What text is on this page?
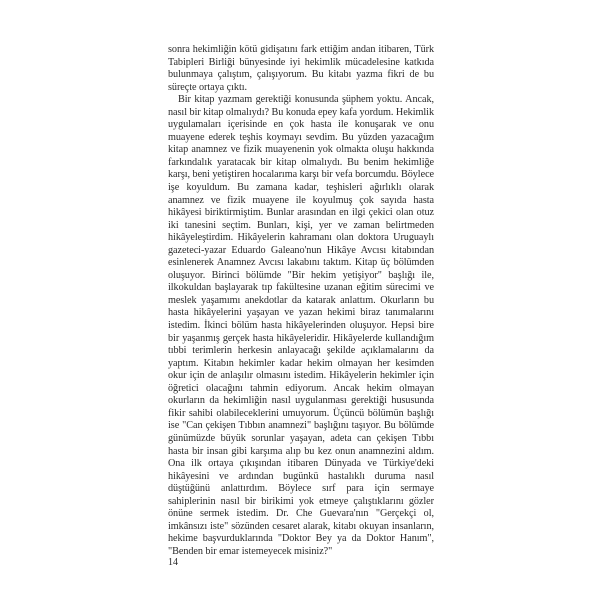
sonra hekimliğin kötü gidişatını fark ettiğim andan itibaren, Türk Tabipleri Birliği bünyesinde iyi hekimlik mücadelesine katkıda bulunmaya çalıştım, çalışıyorum. Bu kitabı yazma fikri de bu süreçte ortaya çıktı.

Bir kitap yazmam gerektiği konusunda şüphem yoktu. Ancak, nasıl bir kitap olmalıydı? Bu konuda epey kafa yordum. Hekimlik uygulamaları içerisinde en çok hasta ile konuşarak ve onu muayene ederek teşhis koymayı sevdim. Bu yüzden yazacağım kitap anamnez ve fizik muayenenin yok olmakta oluşu hakkında farkındalık yaratacak bir kitap olmalıydı. Bu benim hekimliğe karşı, beni yetiştiren hocalarıma karşı bir vefa borcumdu. Böylece işe koyuldum. Bu zamana kadar, teşhisleri ağırlıklı olarak anamnez ve fizik muayene ile koyulmuş çok sayıda hasta hikâyesi biriktirmiştim. Bunlar arasından en ilgi çekici olan otuz iki tanesini seçtim. Bunları, kişi, yer ve zaman belirtmeden hikâyeleştirdim. Hikâyelerin kahramanı olan doktora Uruguaylı gazeteci-yazar Eduardo Galeano'nun Hikâye Avcısı kitabından esinlenerek Anamnez Avcısı lakabını taktım. Kitap üç bölümden oluşuyor. Birinci bölümde "Bir hekim yetişiyor" başlığı ile, ilkokuldan başlayarak tıp fakültesine uzanan eğitim sürecimi ve meslek yaşamımı anekdotlar da katarak anlattım. Okurların bu hasta hikâyelerini yaşayan ve yazan hekimi biraz tanımalarını istedim. İkinci bölüm hasta hikâyelerinden oluşuyor. Hepsi bire bir yaşanmış gerçek hasta hikâyeleridir. Hikâyelerde kullandığım tıbbi terimlerin herkesin anlayacağı şekilde açıklamalarını da yaptım. Kitabın hekimler kadar hekim olmayan her kesimden okur için de anlaşılır olmasını istedim. Hikâyelerin hekimler için öğretici olacağını tahmin ediyorum. Ancak hekim olmayan okurların da hekimliğin nasıl uygulanması gerektiği hususunda fikir sahibi olabileceklerini umuyorum. Üçüncü bölümün başlığı ise "Can çekişen Tıbbın anamnezi" başlığını taşıyor. Bu bölümde günümüzde büyük sorunlar yaşayan, adeta can çekişen Tıbbı hasta bir insan gibi karşıma alıp bu kez onun anamnezini aldım. Ona ilk ortaya çıkışından itibaren Dünyada ve Türkiye'deki hikâyesini ve ardından bugünkü hastalıklı duruma nasıl düştüğünü anlattırdım. Böylece sırf para için sermaye sahiplerinin nasıl bir birikimi yok etmeye çalıştıklarını gözler önüne sermek istedim. Dr. Che Guevara'nın "Gerçekçi ol, imkânsızı iste" sözünden cesaret alarak, kitabı okuyan insanların, hekime başvurduklarında "Doktor Bey ya da Doktor Hanım", "Benden bir emar istemeyecek misiniz?"

14
